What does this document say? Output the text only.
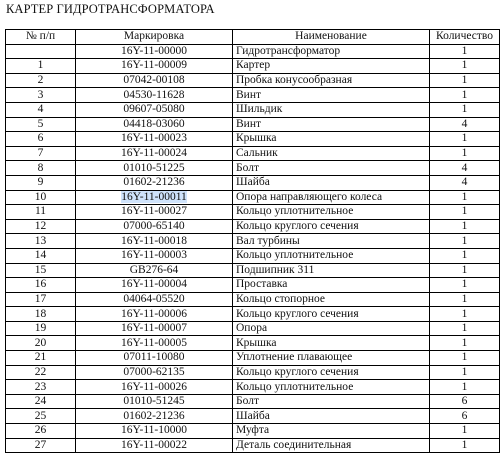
КАРТЕР ГИДРОТРАНСФОРМАТОРА
№ п/п	Маркировка	Наименование	Количество
	16Y-11-00000	Гидротрансформатор	1
1	16Y-11-00009	Картер	1
2	07042-00108	Пробка конусообразная	1
3	04530-11628	Винт	1
4	09607-05080	Шильдик	1
5	04418-03060	Винт	4
6	16Y-11-00023	Крышка	1
7	16Y-11-00024	Сальник	1
8	01010-51225	Болт	4
9	01602-21236	Шайба	4
10	16Y-11-00011	Опора направляющего колеса	1
11	16Y-11-00027	Кольцо уплотнительное	1
12	07000-65140	Кольцо круглого сечения	1
13	16Y-11-00018	Вал турбины	1
14	16Y-11-00003	Кольцо уплотнительное	1
15	GB276-64	Подшипник 311	1
16	16Y-11-00004	Проставка	1
17	04064-05520	Кольцо стопорное	1
18	16Y-11-00006	Кольцо круглого сечения	1
19	16Y-11-00007	Опора	1
20	16Y-11-00005	Крышка	1
21	07011-10080	Уплотнение плавающее	1
22	07000-62135	Кольцо круглого сечения	1
23	16Y-11-00026	Кольцо уплотнительное	1
24	01010-51245	Болт	6
25	01602-21236	Шайба	6
26	16Y-11-10000	Муфта	1
27	16Y-11-00022	Деталь соединительная	1
